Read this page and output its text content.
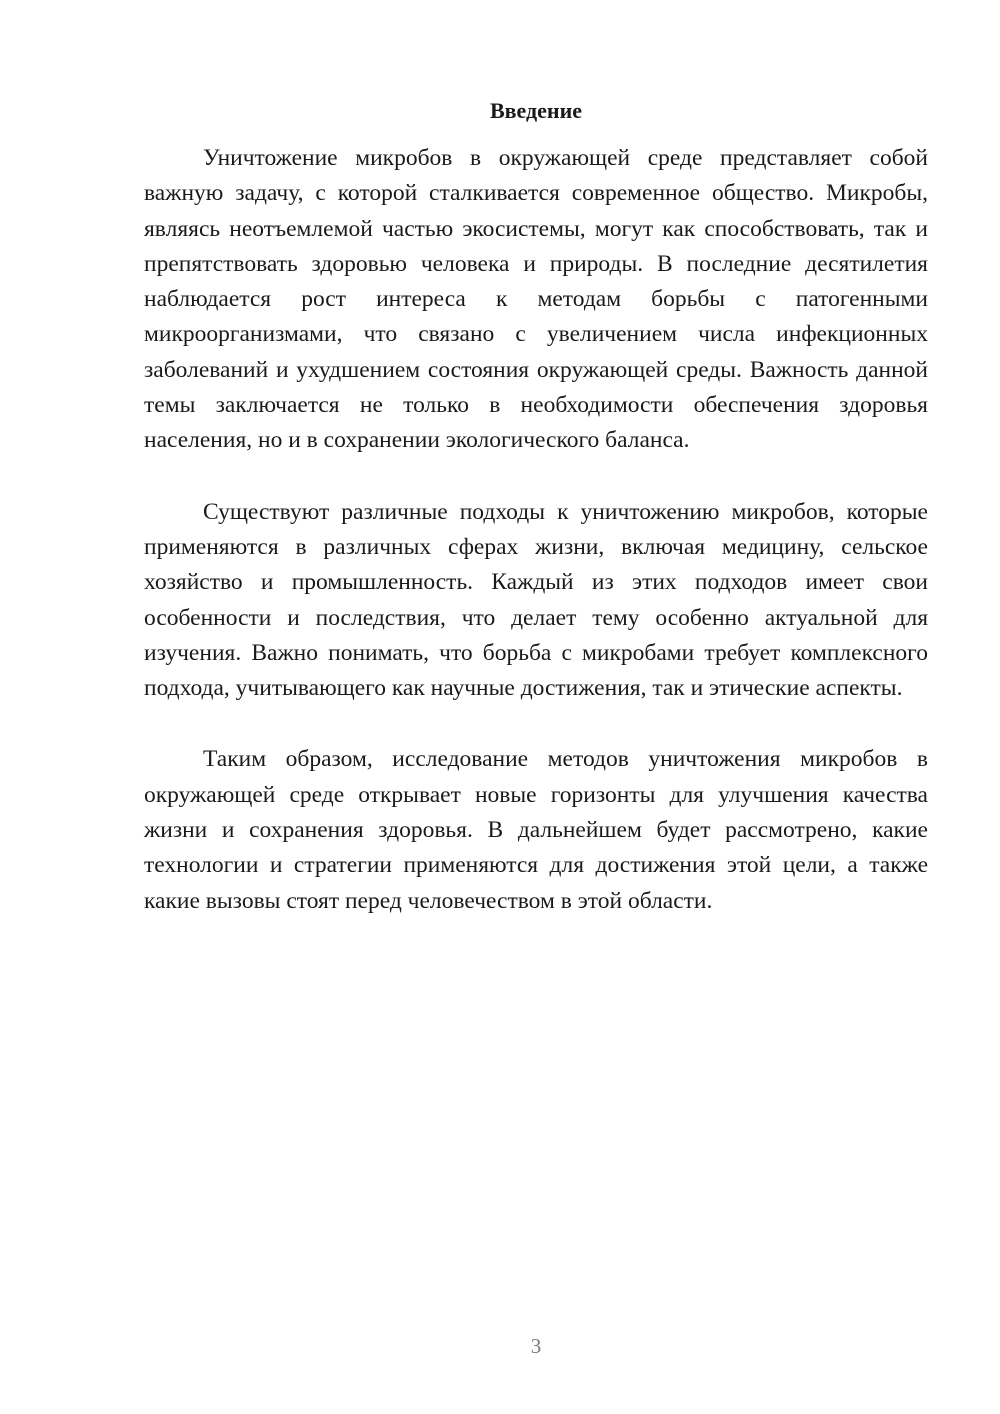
Введение

Уничтожение микробов в окружающей среде представляет собой важную задачу, с которой сталкивается современное общество. Микробы, являясь неотъемлемой частью экосистемы, могут как способствовать, так и препятствовать здоровью человека и природы. В последние десятилетия наблюдается рост интереса к методам борьбы с патогенными микроорганизмами, что связано с увеличением числа инфекционных заболеваний и ухудшением состояния окружающей среды. Важность данной темы заключается не только в необходимости обеспечения здоровья населения, но и в сохранении экологического баланса.

Существуют различные подходы к уничтожению микробов, которые применяются в различных сферах жизни, включая медицину, сельское хозяйство и промышленность. Каждый из этих подходов имеет свои особенности и последствия, что делает тему особенно актуальной для изучения. Важно понимать, что борьба с микробами требует комплексного подхода, учитывающего как научные достижения, так и этические аспекты.

Таким образом, исследование методов уничтожения микробов в окружающей среде открывает новые горизонты для улучшения качества жизни и сохранения здоровья. В дальнейшем будет рассмотрено, какие технологии и стратегии применяются для достижения этой цели, а также какие вызовы стоят перед человечеством в этой области.

3
